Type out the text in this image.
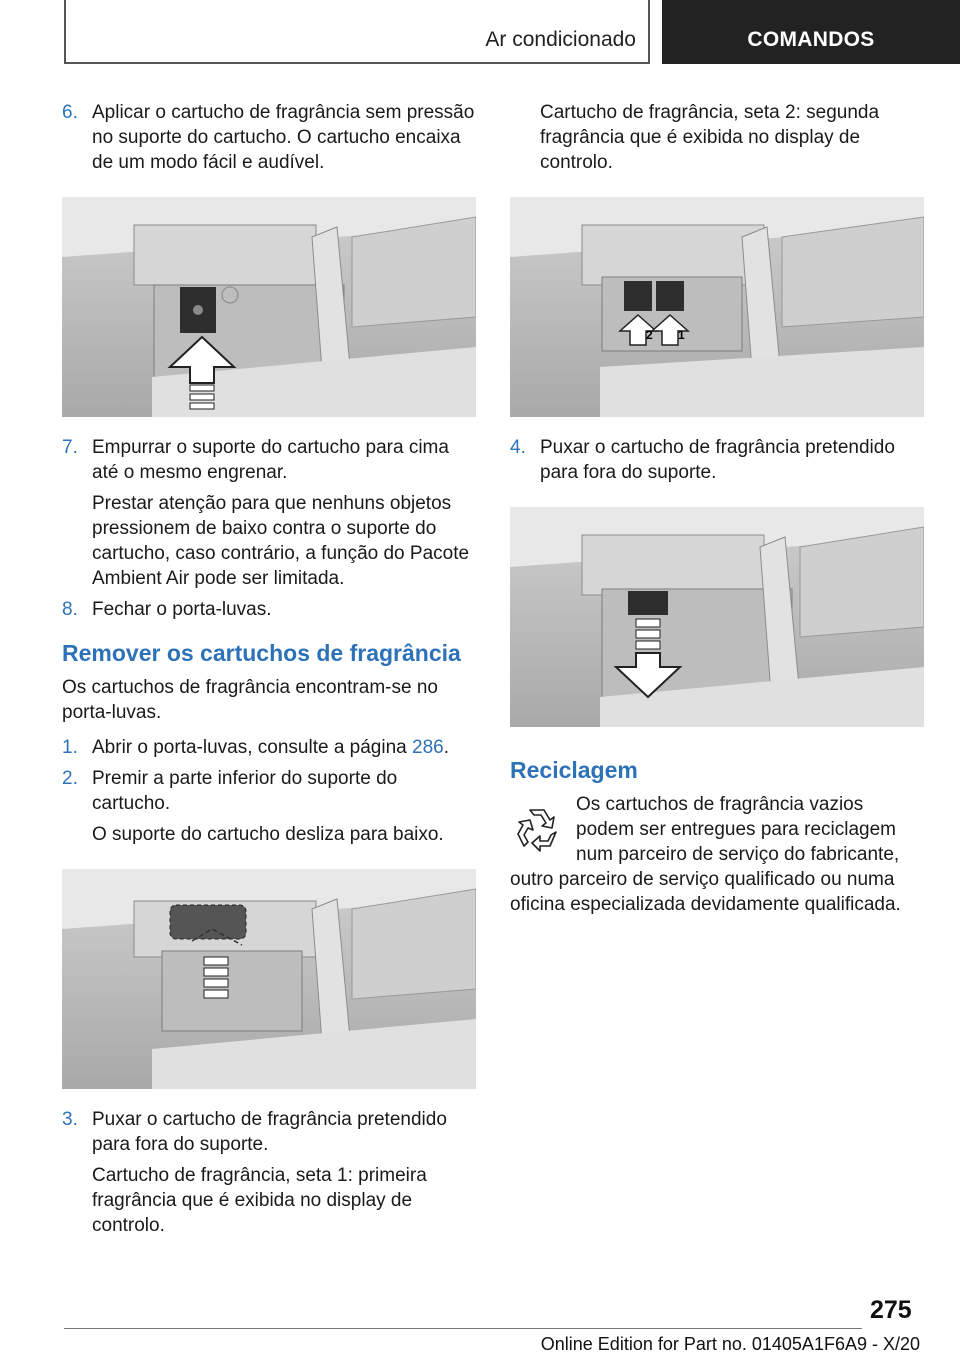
Ar condicionado	COMANDOS
6. Aplicar o cartucho de fragrância sem pressão no suporte do cartucho. O cartucho encaixa de um modo fácil e audível.
7. Empurrar o suporte do cartucho para cima até o mesmo engrenar.
Prestar atenção para que nenhuns objetos pressionem de baixo contra o suporte do cartucho, caso contrário, a função do Pacote Ambient Air pode ser limitada.
8. Fechar o porta-luvas.
Remover os cartuchos de fragrância
Os cartuchos de fragrância encontram-se no porta-luvas.
1. Abrir o porta-luvas, consulte a página 286.
2. Premir a parte inferior do suporte do cartucho.
O suporte do cartucho desliza para baixo.
3. Puxar o cartucho de fragrância pretendido para fora do suporte.
Cartucho de fragrância, seta 1: primeira fragrância que é exibida no display de controlo.
Cartucho de fragrância, seta 2: segunda fragrância que é exibida no display de controlo.
2 1
4. Puxar o cartucho de fragrância pretendido para fora do suporte.
Reciclagem
Os cartuchos de fragrância vazios podem ser entregues para reciclagem num parceiro de serviço do fabricante, outro parceiro de serviço qualificado ou numa oficina especializada devidamente qualificada.
275
Online Edition for Part no. 01405A1F6A9 - X/20
